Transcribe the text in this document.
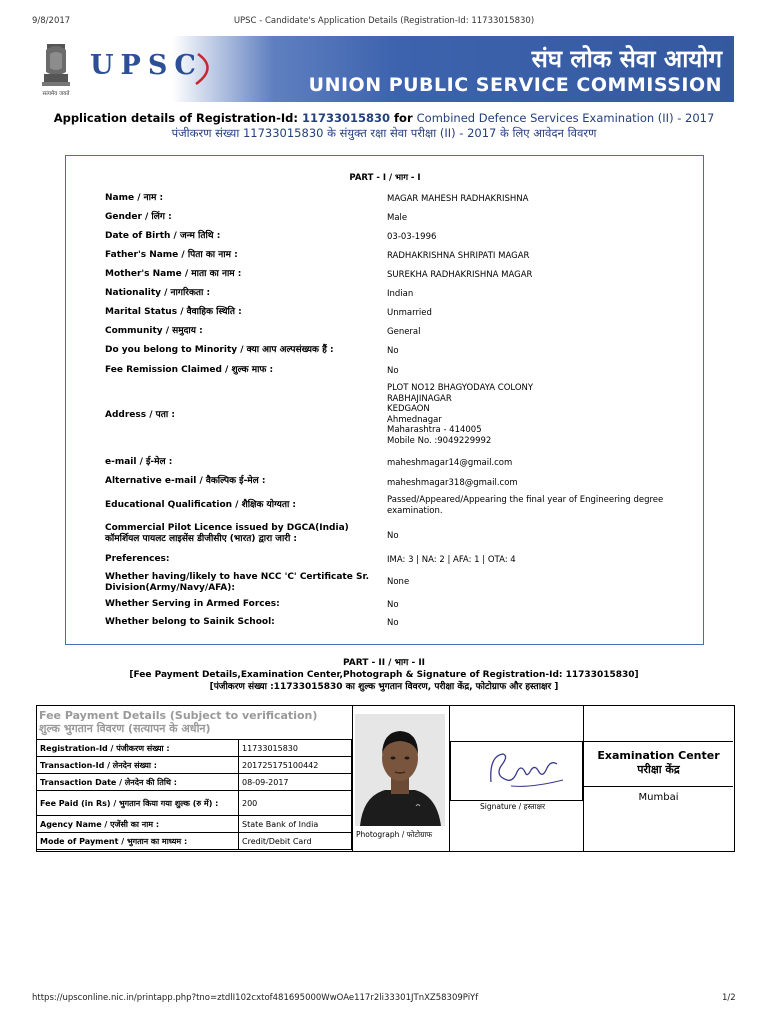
9/8/2017	UPSC - Candidate's Application Details (Registration-Id: 11733015830)
सत्यमेव जयते
UPSC	संघ लोक सेवा आयोग
UNION PUBLIC SERVICE COMMISSION
Application details of Registration-Id: 11733015830 for Combined Defence Services Examination (II) - 2017
पंजीकरण संख्या 11733015830 के संयुक्त रक्षा सेवा परीक्षा (II) - 2017 के लिए आवेदन विवरण
PART - I / भाग - I
Name / नाम :	MAGAR MAHESH RADHAKRISHNA
Gender / लिंग :	Male
Date of Birth / जन्म तिथि :	03-03-1996
Father's Name / पिता का नाम :	RADHAKRISHNA SHRIPATI MAGAR
Mother's Name / माता का नाम :	SUREKHA RADHAKRISHNA MAGAR
Nationality / नागरिकता :	Indian
Marital Status / वैवाहिक स्थिति :	Unmarried
Community / समुदाय :	General
Do you belong to Minority / क्या आप अल्पसंख्यक हैं :	No
Fee Remission Claimed / शुल्क माफ :	No
Address / पता :
PLOT NO12 BHAGYODAYA COLONY
RABHAJINAGAR
KEDGAON
Ahmednagar
Maharashtra - 414005
Mobile No. :9049229992
e-mail / ई-मेल :	maheshmagar14@gmail.com
Alternative e-mail / वैकल्पिक ई-मेल :	maheshmagar318@gmail.com
Educational Qualification / शैक्षिक योग्यता :	Passed/Appeared/Appearing the final year of Engineering degree examination.
Commercial Pilot Licence issued by DGCA(India)
कॉमर्शियल पायलट लाइसेंस डीजीसीए (भारत) द्वारा जारी :	No
Preferences:	IMA: 3 | NA: 2 | AFA: 1 | OTA: 4
Whether having/likely to have NCC 'C' Certificate Sr. Division(Army/Navy/AFA):
None
Whether Serving in Armed Forces:	No
Whether belong to Sainik School:	No
PART - II / भाग - II
[Fee Payment Details,Examination Center,Photograph & Signature of Registration-Id: 11733015830]
[पंजीकरण संख्या :11733015830 का शुल्क भुगतान विवरण, परीक्षा केंद्र, फोटोग्राफ और हस्ताक्षर ]
Fee Payment Details (Subject to verification)
शुल्क भुगतान विवरण (सत्यापन के अधीन)
Registration-Id / पंजीकरण संख्या :	11733015830
Transaction-Id / लेनदेन संख्या :	201725175100442
Transaction Date / लेनदेन की तिथि :	08-09-2017
Fee Paid (in Rs) / भुगतान किया गया शुल्क (रु में) :	200
Agency Name / एजेंसी का नाम :	State Bank of India
Mode of Payment / भुगतान का माध्यम :	Credit/Debit Card
Photograph / फोटोग्राफ
Signature / हस्ताक्षर
Examination Center
परीक्षा केंद्र
Mumbai
https://upsconline.nic.in/printapp.php?tno=ztdlI102cxtof481695000WwOAe117r2li33301JTnXZ58309PiYf	1/2
